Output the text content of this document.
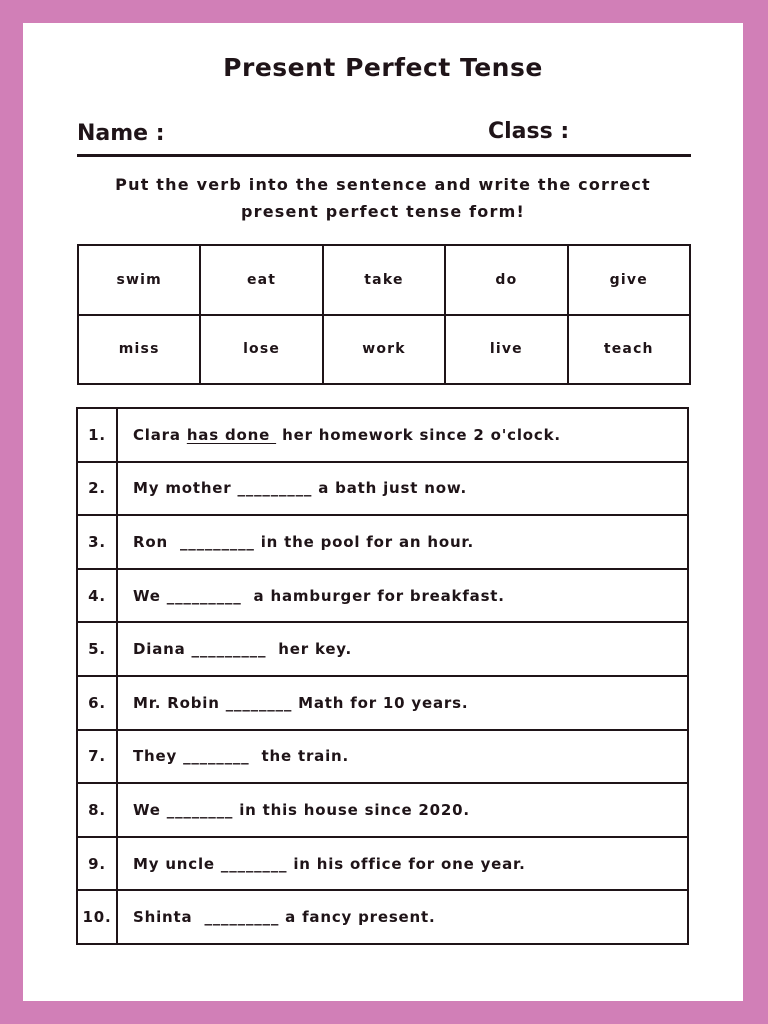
Present Perfect Tense
Name :	Class :
Put the verb into the sentence and write the correct
present perfect tense form!
swim	eat	take	do	give
miss	lose	work	live	teach
1.	Clara has done  her homework since 2 o'clock.
2.	My mother _________ a bath just now.
3.	Ron  _________ in the pool for an hour.
4.	We _________  a hamburger for breakfast.
5.	Diana _________  her key.
6.	Mr. Robin ________ Math for 10 years.
7.	They ________  the train.
8.	We ________ in this house since 2020.
9.	My uncle ________ in his office for one year.
10.	Shinta  _________ a fancy present.
